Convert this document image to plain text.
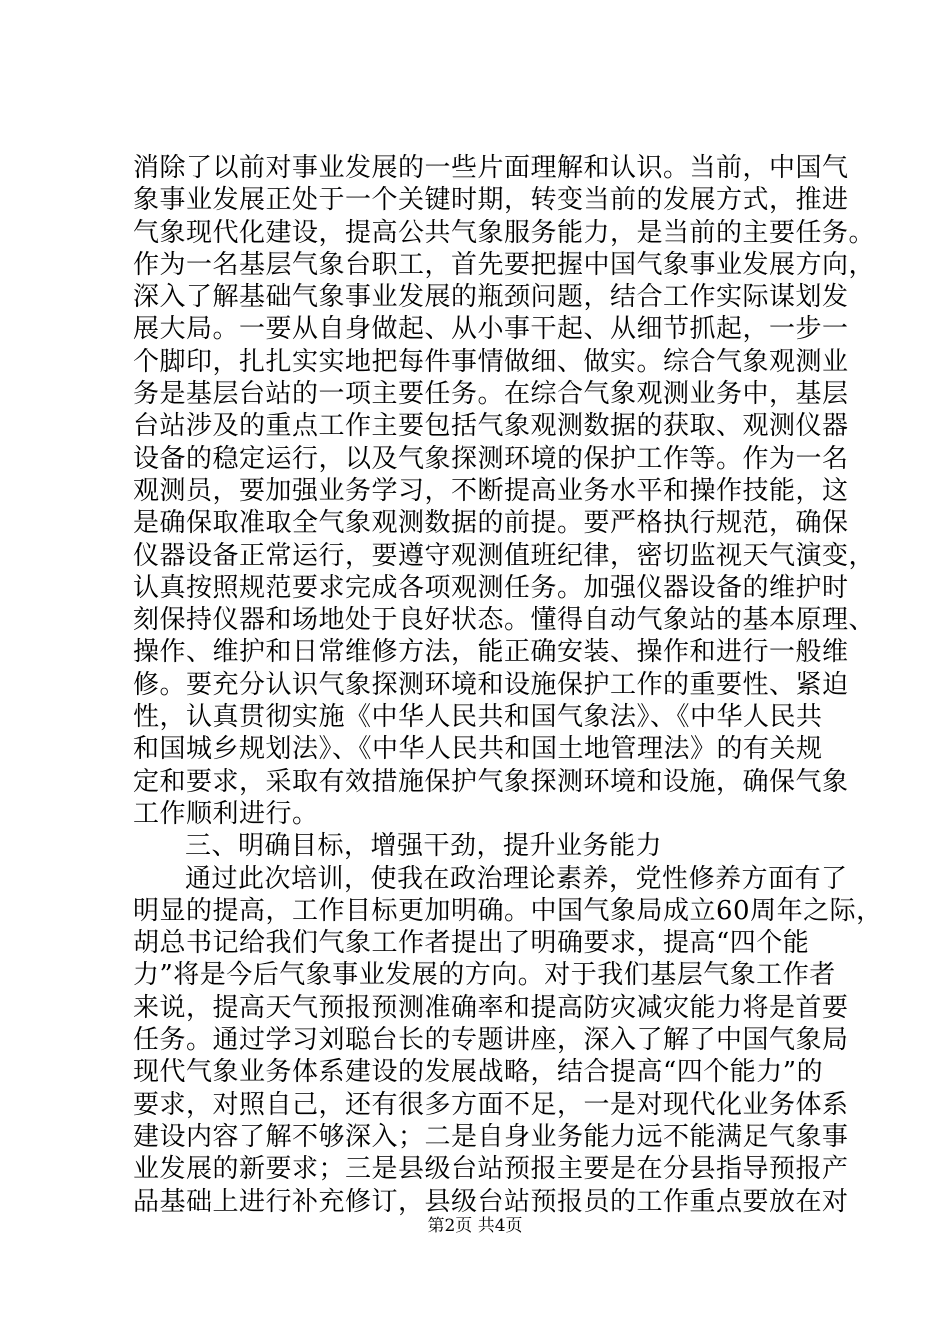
消除了以前对事业发展的一些片面理解和认识。当前，中国气
象事业发展正处于一个关键时期，转变当前的发展方式，推进
气象现代化建设，提高公共气象服务能力，是当前的主要任务。
作为一名基层气象台职工，首先要把握中国气象事业发展方向，
深入了解基础气象事业发展的瓶颈问题，结合工作实际谋划发
展大局。一要从自身做起、从小事干起、从细节抓起，一步一
个脚印，扎扎实实地把每件事情做细、做实。综合气象观测业
务是基层台站的一项主要任务。在综合气象观测业务中，基层
台站涉及的重点工作主要包括气象观测数据的获取、观测仪器
设备的稳定运行，以及气象探测环境的保护工作等。作为一名
观测员，要加强业务学习，不断提高业务水平和操作技能，这
是确保取准取全气象观测数据的前提。要严格执行规范，确保
仪器设备正常运行，要遵守观测值班纪律，密切监视天气演变，
认真按照规范要求完成各项观测任务。加强仪器设备的维护时
刻保持仪器和场地处于良好状态。懂得自动气象站的基本原理、
操作、维护和日常维修方法，能正确安装、操作和进行一般维
修。要充分认识气象探测环境和设施保护工作的重要性、紧迫
性，认真贯彻实施《中华人民共和国气象法》、《中华人民共
和国城乡规划法》、《中华人民共和国土地管理法》的有关规
定和要求，采取有效措施保护气象探测环境和设施，确保气象
工作顺利进行。
三、明确目标，增强干劲，提升业务能力
通过此次培训，使我在政治理论素养，党性修养方面有了
明显的提高，工作目标更加明确。中国气象局成立60周年之际，
胡总书记给我们气象工作者提出了明确要求，提高“四个能
力”将是今后气象事业发展的方向。对于我们基层气象工作者
来说，提高天气预报预测准确率和提高防灾减灾能力将是首要
任务。通过学习刘聪台长的专题讲座，深入了解了中国气象局
现代气象业务体系建设的发展战略，结合提高“四个能力”的
要求，对照自己，还有很多方面不足，一是对现代化业务体系
建设内容了解不够深入；二是自身业务能力远不能满足气象事
业发展的新要求；三是县级台站预报主要是在分县指导预报产
品基础上进行补充修订，县级台站预报员的工作重点要放在对
第2页 共4页
